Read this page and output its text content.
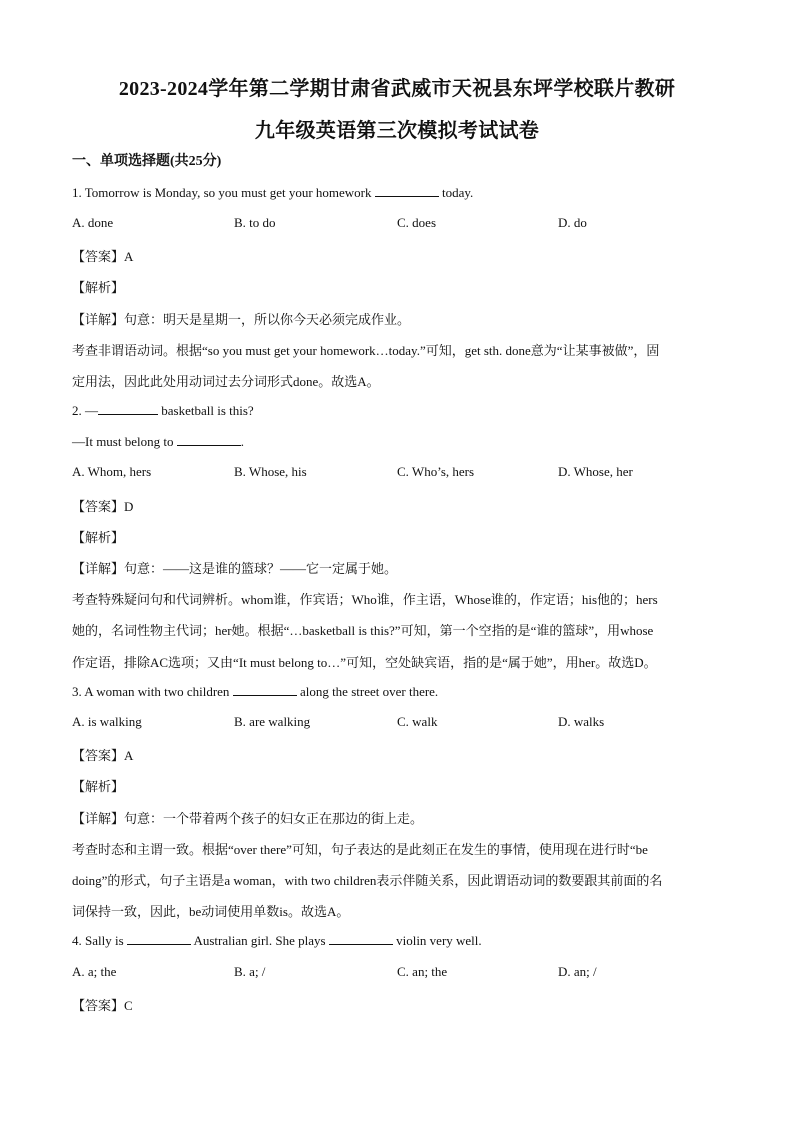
2023-2024学年第二学期甘肃省武威市天祝县东坪学校联片教研
九年级英语第三次模拟考试试卷
一、单项选择题(共25分)
1. Tomorrow is Monday, so you must get your homework	today.
A. done	B. to do	C. does	D. do
【答案】A
【解析】
【详解】句意：明天是星期一，所以你今天必须完成作业。
考查非谓语动词。根据“so you must get your homework…today.”可知，get sth. done意为“让某事被做”，固
定用法，因此此处用动词过去分词形式done。故选A。
2. —	basketball is this?
—It must belong to	.
A. Whom, hers	B. Whose, his	C. Who’s, hers	D. Whose, her
【答案】D
【解析】
【详解】句意：——这是谁的篮球？——它一定属于她。
考查特殊疑问句和代词辨析。whom谁，作宾语；Who谁，作主语，Whose谁的，作定语；his他的；hers
她的，名词性物主代词；her她。根据“…basketball is this?”可知，第一个空指的是“谁的篮球”，用whose
作定语，排除AC选项；又由“It must belong to…”可知，空处缺宾语，指的是“属于她”，用her。故选D。
3. A woman with two children	along the street over there.
A. is walking	B. are walking	C. walk	D. walks
【答案】A
【解析】
【详解】句意：一个带着两个孩子的妇女正在那边的街上走。
考查时态和主谓一致。根据“over there”可知，句子表达的是此刻正在发生的事情，使用现在进行时“be
doing”的形式，句子主语是a woman，with two children表示伴随关系，因此谓语动词的数要跟其前面的名
词保持一致，因此，be动词使用单数is。故选A。
4. Sally is	Australian girl. She plays	violin very well.
A. a; the	B. a; /	C. an; the	D. an; /
【答案】C
